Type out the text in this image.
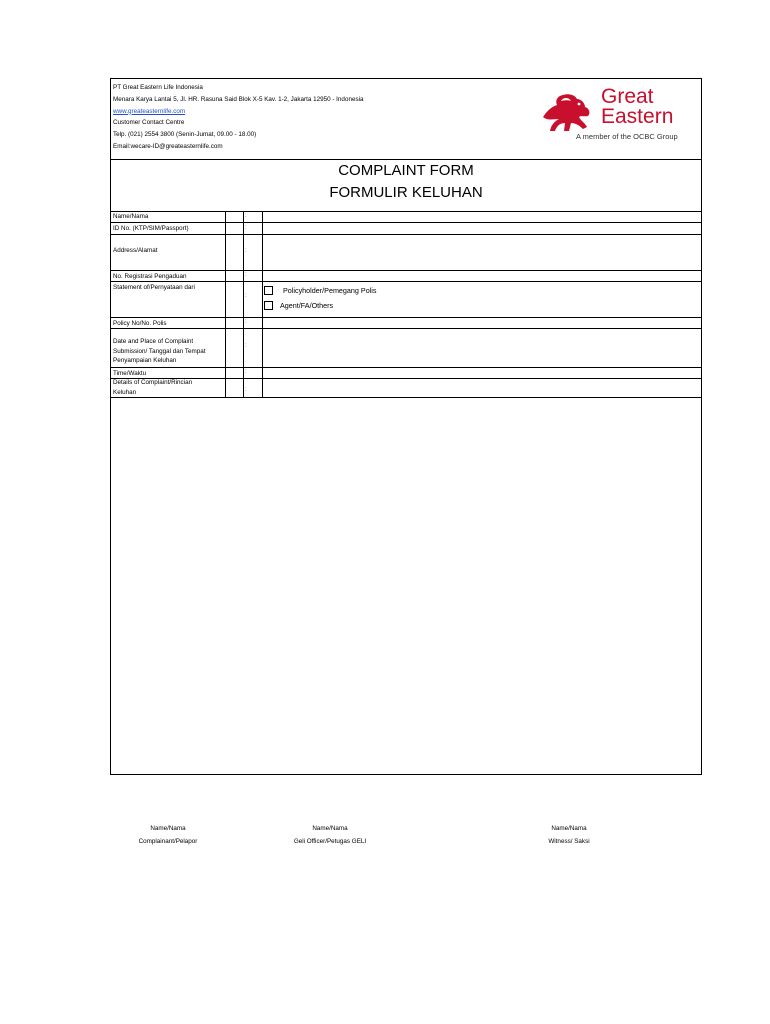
PT Great Eastern Life Indonesia
Menara Karya Lantai 5, Jl. HR. Rasuna Said Blok X-5 Kav. 1-2, Jakarta 12950 - Indonesia
www.greateasternlife.com
Customer Contact Centre
Telp. (021) 2554 3800 (Senin-Jumat, 09.00 - 18.00)
Email:wecare-ID@greateasternlife.com
Great
Eastern
A member of the OCBC Group
COMPLAINT FORM
FORMULIR KELUHAN
Name/Nama	:
ID No. (KTP/SIM/Passport)	:
Address/Alamat	:
No. Registrasi Pengaduan	:
Statement of/Pernyataan dari
:
Policyholder/Pemegang Polis
Agent/FA/Others
Policy No/No. Polis	:
Date and Place of Complaint
Submission/ Tanggal dan Tempat
Penyampaian Keluhan
:
Time/Waktu	:
Details of Complaint/Rincian
Keluhan	:
Name/Nama
Complainant/Pelapor
Name/Nama
Geli Officer/Petugas GELI
Name/Nama
Witness/ Saksi
